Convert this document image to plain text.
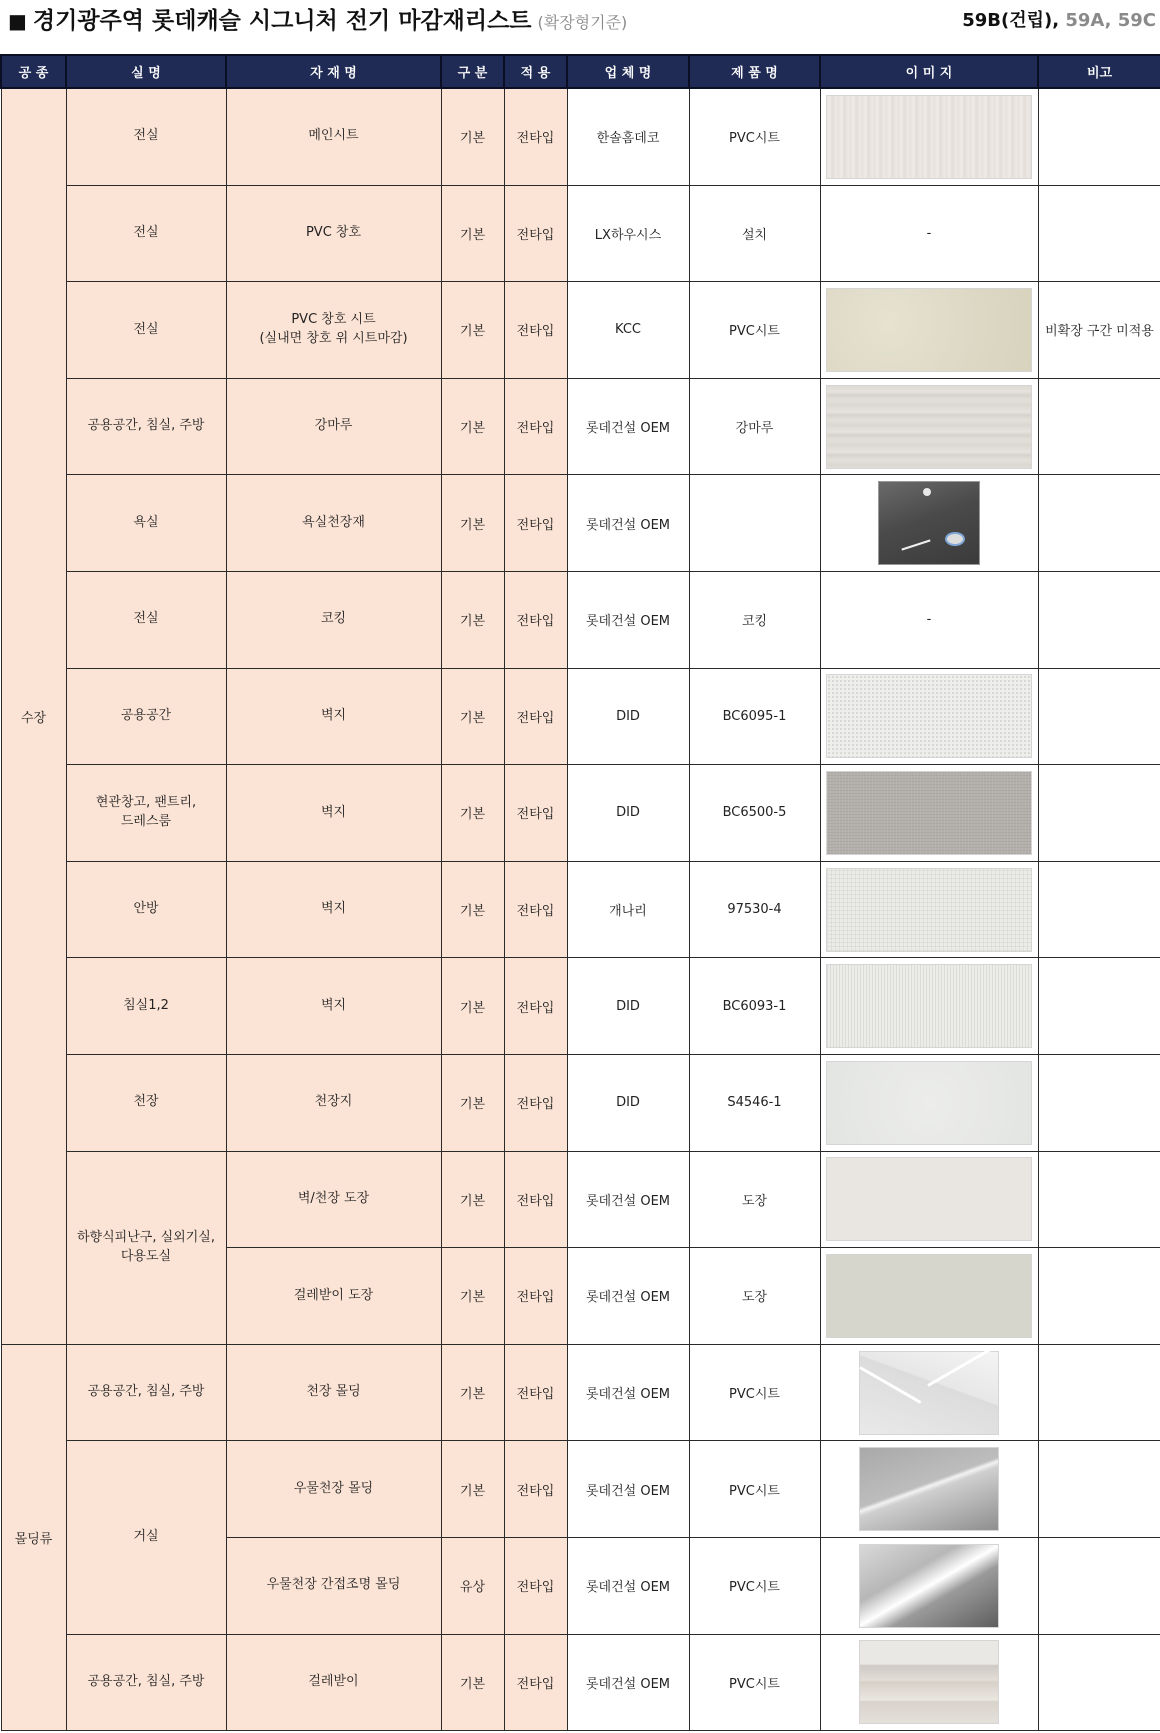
■ 경기광주역 롯데캐슬 시그니처 전기 마감재리스트 (확장형기준)	59B(건립), 59A, 59C
공 종	실 명	자 재 명	구 분	적 용	업 체 명	제 품 명	이 미 지	비고
수장	전실	메인시트	기본	전타입	한솔홈데코	PVC시트	

	전실	PVC 창호	기본	전타입	LX하우시스	설치	-	
	전실	PVC 창호 시트
(실내면 창호 위 시트마감)	기본	전타입	KCC	PVC시트		비확장 구간 미적용
	공용공간, 침실, 주방	강마루	기본	전타입	롯데건설 OEM	강마루	

	욕실	욕실천장재	기본	전타입	롯데건설 OEM		

	전실	코킹	기본	전타입	롯데건설 OEM	코킹	-	
	공용공간	벽지	기본	전타입	DID	BC6095-1	

	현관창고, 팬트리,
드레스룸	벽지	기본	전타입	DID	BC6500-5	

	안방	벽지	기본	전타입	개나리	97530-4	

	침실1,2	벽지	기본	전타입	DID	BC6093-1	

	천장	천장지	기본	전타입	DID	S4546-1	

	하향식피난구, 실외기실,
다용도실	벽/천장 도장	기본	전타입	롯데건설 OEM	도장	

		걸레받이 도장	기본	전타입	롯데건설 OEM	도장	

몰딩류	공용공간, 침실, 주방	천장 몰딩	기본	전타입	롯데건설 OEM	PVC시트	

	거실	우물천장 몰딩	기본	전타입	롯데건설 OEM	PVC시트	

		우물천장 간접조명 몰딩	유상	전타입	롯데건설 OEM	PVC시트	

	공용공간, 침실, 주방	걸레받이	기본	전타입	롯데건설 OEM	PVC시트	
